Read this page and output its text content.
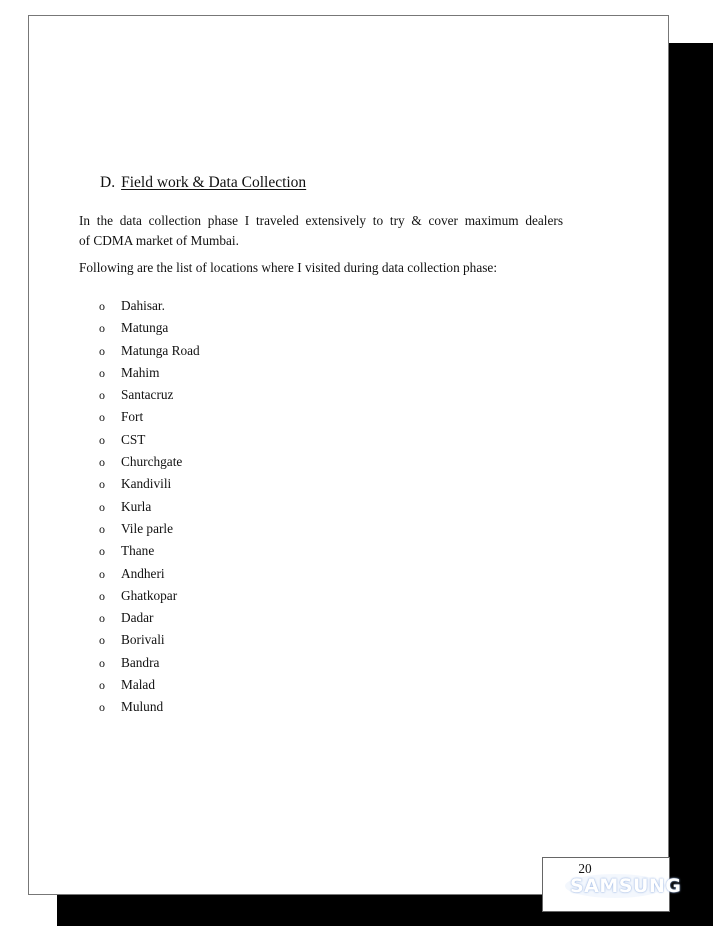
D. Field work & Data Collection
In the data collection phase I traveled extensively to try & cover maximum dealers
of CDMA market of Mumbai.
Following are the list of locations where I visited during data collection phase:
o Dahisar.
o Matunga
o Matunga Road
o Mahim
o Santacruz
o Fort
o CST
o Churchgate
o Kandivili
o Kurla
o Vile parle
o Thane
o Andheri
o Ghatkopar
o Dadar
o Borivali
o Bandra
o Malad
o Mulund
20
SAMSUNG
